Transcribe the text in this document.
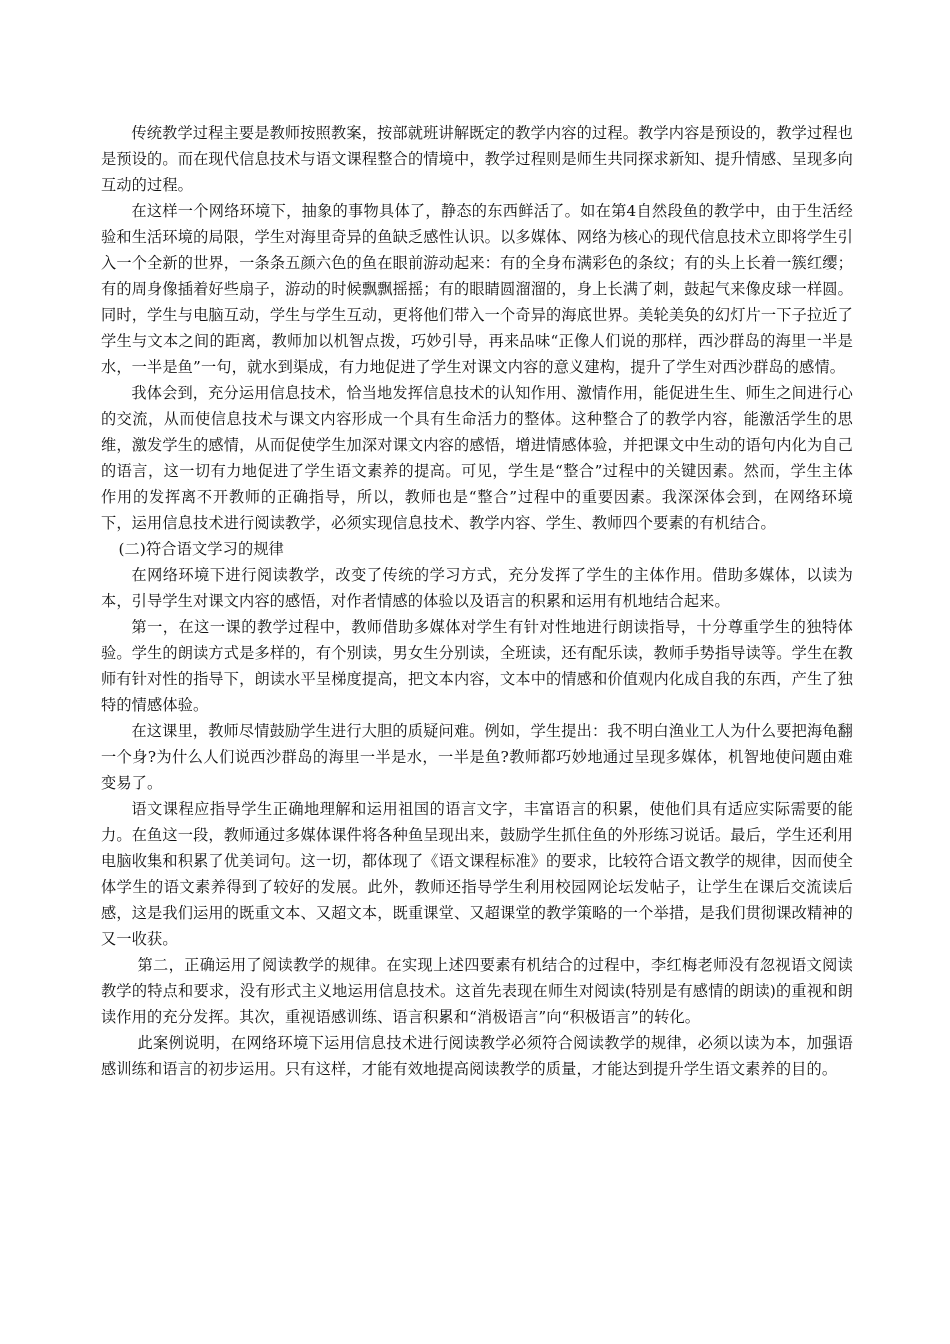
传统教学过程主要是教师按照教案，按部就班讲解既定的教学内容的过程。教学内容是预设的，教学过程也是预设的。而在现代信息技术与语文课程整合的情境中，教学过程则是师生共同探求新知、提升情感、呈现多向互动的过程。

在这样一个网络环境下，抽象的事物具体了，静态的东西鲜活了。如在第4自然段鱼的教学中，由于生活经验和生活环境的局限，学生对海里奇异的鱼缺乏感性认识。以多媒体、网络为核心的现代信息技术立即将学生引入一个全新的世界，一条条五颜六色的鱼在眼前游动起来：有的全身布满彩色的条纹；有的头上长着一簇红缨；有的周身像插着好些扇子，游动的时候飘飘摇摇；有的眼睛圆溜溜的，身上长满了刺，鼓起气来像皮球一样圆。同时，学生与电脑互动，学生与学生互动，更将他们带入一个奇异的海底世界。美轮美奂的幻灯片一下子拉近了学生与文本之间的距离，教师加以机智点拨，巧妙引导，再来品味“正像人们说的那样，西沙群岛的海里一半是水，一半是鱼”一句，就水到渠成，有力地促进了学生对课文内容的意义建构，提升了学生对西沙群岛的感情。

我体会到，充分运用信息技术，恰当地发挥信息技术的认知作用、激情作用，能促进生生、师生之间进行心的交流，从而使信息技术与课文内容形成一个具有生命活力的整体。这种整合了的教学内容，能激活学生的思维，激发学生的感情，从而促使学生加深对课文内容的感悟，增进情感体验，并把课文中生动的语句内化为自己的语言，这一切有力地促进了学生语文素养的提高。可见，学生是“整合”过程中的关键因素。然而，学生主体作用的发挥离不开教师的正确指导，所以，教师也是“整合”过程中的重要因素。我深深体会到，在网络环境下，运用信息技术进行阅读教学，必须实现信息技术、教学内容、学生、教师四个要素的有机结合。

(二)符合语文学习的规律

在网络环境下进行阅读教学，改变了传统的学习方式，充分发挥了学生的主体作用。借助多媒体，以读为本，引导学生对课文内容的感悟，对作者情感的体验以及语言的积累和运用有机地结合起来。

第一，在这一课的教学过程中，教师借助多媒体对学生有针对性地进行朗读指导，十分尊重学生的独特体验。学生的朗读方式是多样的，有个别读，男女生分别读，全班读，还有配乐读，教师手势指导读等。学生在教师有针对性的指导下，朗读水平呈梯度提高，把文本内容，文本中的情感和价值观内化成自我的东西，产生了独特的情感体验。

在这课里，教师尽情鼓励学生进行大胆的质疑问难。例如，学生提出：我不明白渔业工人为什么要把海龟翻一个身?为什么人们说西沙群岛的海里一半是水，一半是鱼?教师都巧妙地通过呈现多媒体，机智地使问题由难变易了。

语文课程应指导学生正确地理解和运用祖国的语言文字，丰富语言的积累，使他们具有适应实际需要的能力。在鱼这一段，教师通过多媒体课件将各种鱼呈现出来，鼓励学生抓住鱼的外形练习说话。最后，学生还利用电脑收集和积累了优美词句。这一切，都体现了《语文课程标准》的要求，比较符合语文教学的规律，因而使全体学生的语文素养得到了较好的发展。此外，教师还指导学生利用校园网论坛发帖子，让学生在课后交流读后感，这是我们运用的既重文本、又超文本，既重课堂、又超课堂的教学策略的一个举措，是我们贯彻课改精神的又一收获。

第二，正确运用了阅读教学的规律。在实现上述四要素有机结合的过程中，李红梅老师没有忽视语文阅读教学的特点和要求，没有形式主义地运用信息技术。这首先表现在师生对阅读(特别是有感情的朗读)的重视和朗读作用的充分发挥。其次，重视语感训练、语言积累和“消极语言”向“积极语言”的转化。

此案例说明，在网络环境下运用信息技术进行阅读教学必须符合阅读教学的规律，必须以读为本，加强语感训练和语言的初步运用。只有这样，才能有效地提高阅读教学的质量，才能达到提升学生语文素养的目的。
